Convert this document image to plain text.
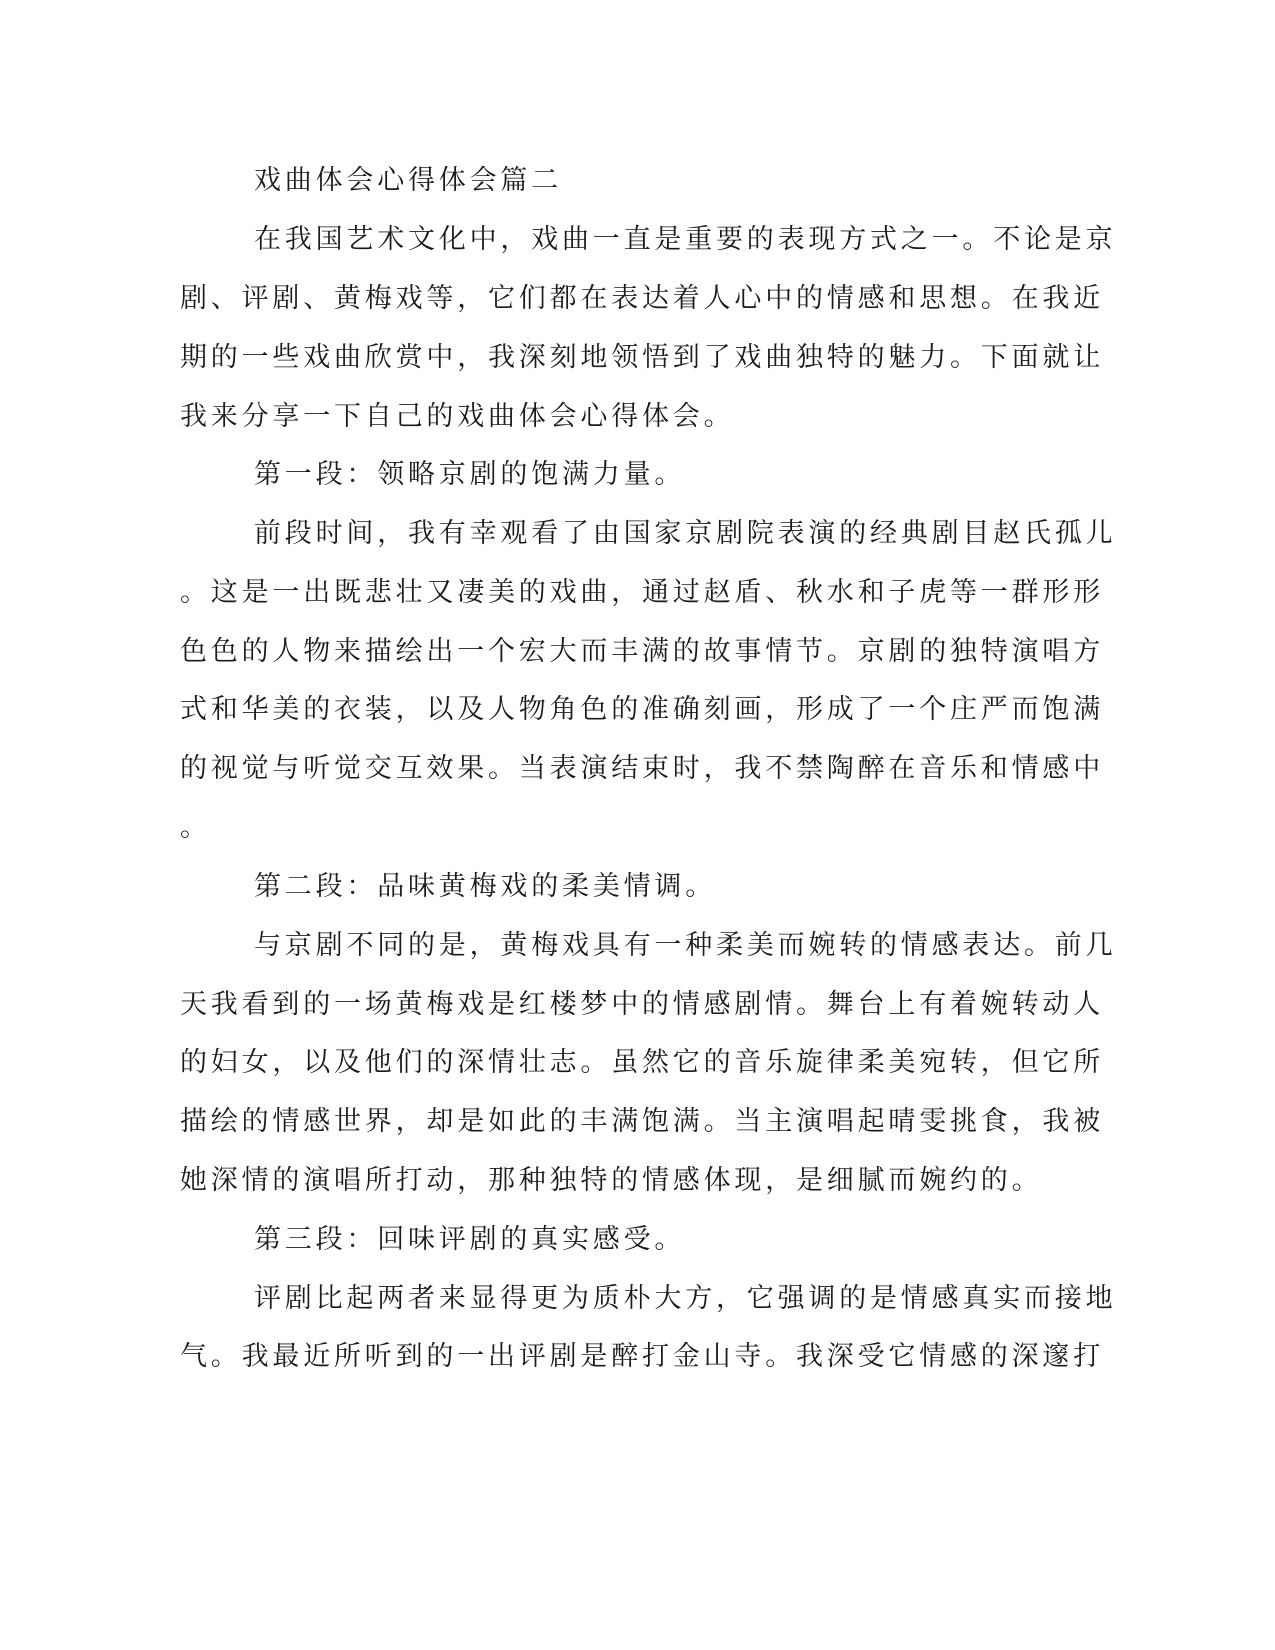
戏曲体会心得体会篇二
在我国艺术文化中，戏曲一直是重要的表现方式之一。不论是京
剧、评剧、黄梅戏等，它们都在表达着人心中的情感和思想。在我近
期的一些戏曲欣赏中，我深刻地领悟到了戏曲独特的魅力。下面就让
我来分享一下自己的戏曲体会心得体会。
第一段：领略京剧的饱满力量。
前段时间，我有幸观看了由国家京剧院表演的经典剧目赵氏孤儿
。这是一出既悲壮又凄美的戏曲，通过赵盾、秋水和子虎等一群形形
色色的人物来描绘出一个宏大而丰满的故事情节。京剧的独特演唱方
式和华美的衣装，以及人物角色的准确刻画，形成了一个庄严而饱满
的视觉与听觉交互效果。当表演结束时，我不禁陶醉在音乐和情感中
。
第二段：品味黄梅戏的柔美情调。
与京剧不同的是，黄梅戏具有一种柔美而婉转的情感表达。前几
天我看到的一场黄梅戏是红楼梦中的情感剧情。舞台上有着婉转动人
的妇女，以及他们的深情壮志。虽然它的音乐旋律柔美宛转，但它所
描绘的情感世界，却是如此的丰满饱满。当主演唱起晴雯挑食，我被
她深情的演唱所打动，那种独特的情感体现，是细腻而婉约的。
第三段：回味评剧的真实感受。
评剧比起两者来显得更为质朴大方，它强调的是情感真实而接地
气。我最近所听到的一出评剧是醉打金山寺。我深受它情感的深邃打
